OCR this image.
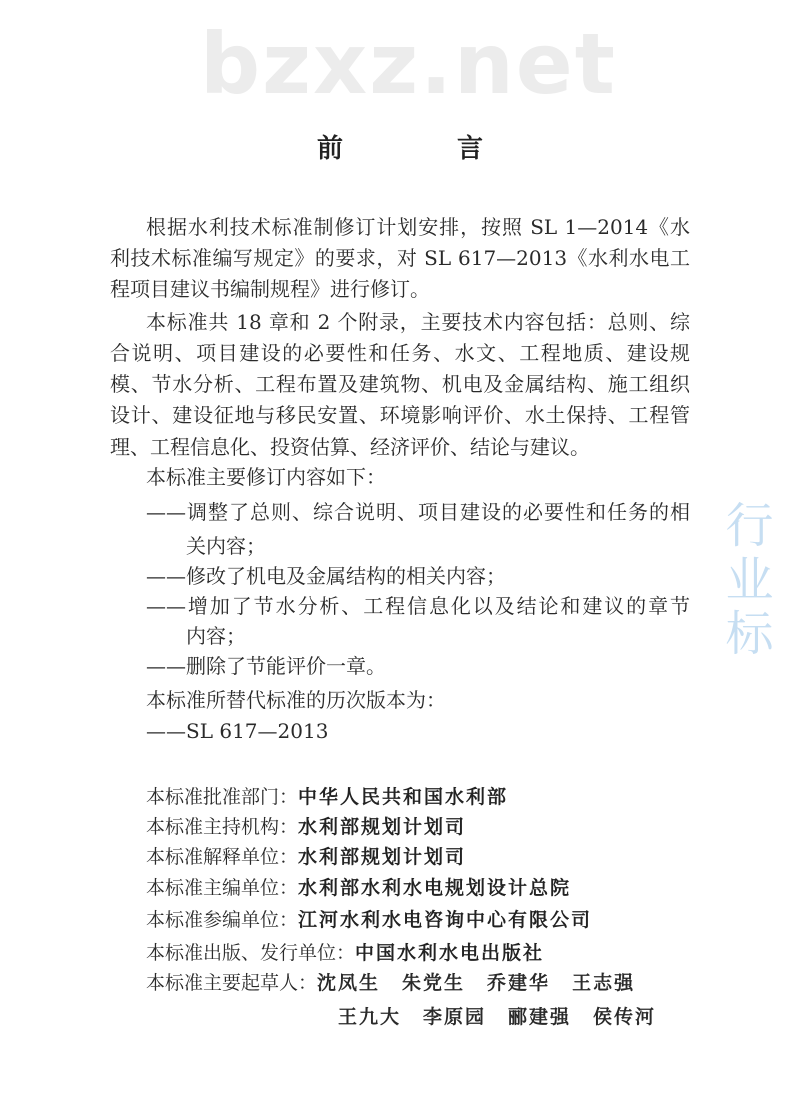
bzxz.net
行业标
前　言
根据水利技术标准制修订计划安排，按照 SL 1—2014《水
利技术标准编写规定》的要求，对 SL 617—2013《水利水电工
程项目建议书编制规程》进行修订。
本标准共 18 章和 2 个附录，主要技术内容包括：总则、综
合说明、项目建设的必要性和任务、水文、工程地质、建设规
模、节水分析、工程布置及建筑物、机电及金属结构、施工组织
设计、建设征地与移民安置、环境影响评价、水土保持、工程管
理、工程信息化、投资估算、经济评价、结论与建议。
本标准主要修订内容如下：
——调整了总则、综合说明、项目建设的必要性和任务的相
关内容；
——修改了机电及金属结构的相关内容；
——增加了节水分析、工程信息化以及结论和建议的章节
内容；
——删除了节能评价一章。
本标准所替代标准的历次版本为：
——SL 617—2013
本标准批准部门：中华人民共和国水利部
本标准主持机构：水利部规划计划司
本标准解释单位：水利部规划计划司
本标准主编单位：水利部水利水电规划设计总院
本标准参编单位：江河水利水电咨询中心有限公司
本标准出版、发行单位：中国水利水电出版社
本标准主要起草人：沈凤生 朱党生 乔建华 王志强
王九大 李原园 郦建强 侯传河
